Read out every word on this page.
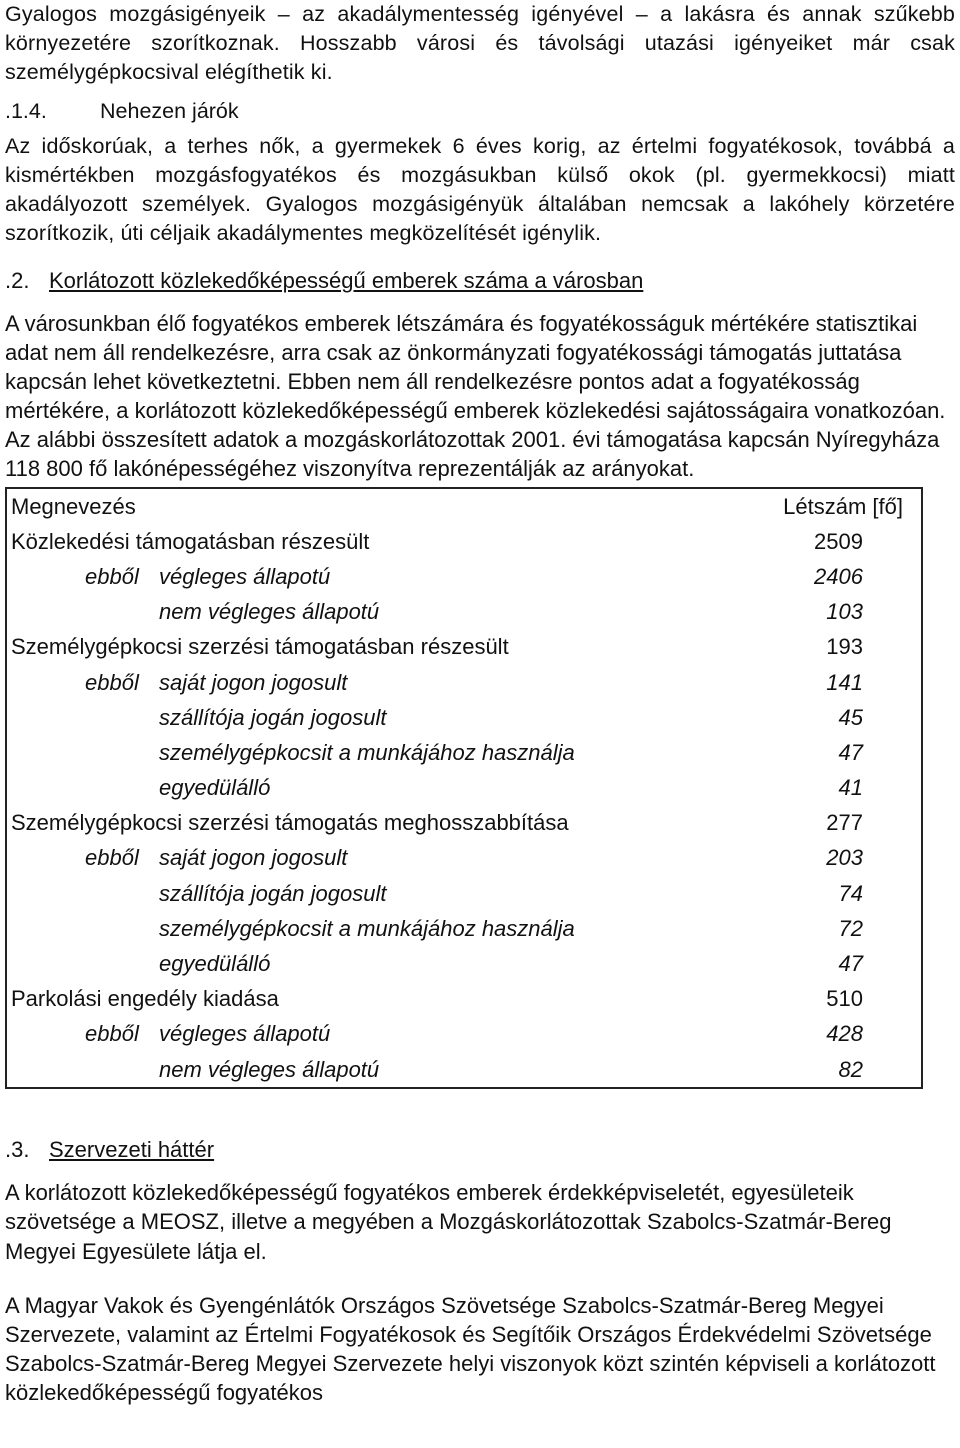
Gyalogos mozgásigényeik – az akadálymentesség igényével – a lakásra és annak szűkebb környezetére szorítkoznak. Hosszabb városi és távolsági utazási igényeiket már csak személygépkocsival elégíthetik ki.

.1.4. Nehezen járók

Az időskorúak, a terhes nők, a gyermekek 6 éves korig, az értelmi fogyatékosok, továbbá a kismértékben mozgásfogyatékos és mozgásukban külső okok (pl. gyermekkocsi) miatt akadályozott személyek. Gyalogos mozgásigényük általában nemcsak a lakóhely körzetére szorítkozik, úti céljaik akadálymentes megközelítését igénylik.

.2. Korlátozott közlekedőképességű emberek száma a városban

A városunkban élő fogyatékos emberek létszámára és fogyatékosságuk mértékére statisztikai adat nem áll rendelkezésre, arra csak az önkormányzati fogyatékossági támogatás juttatása kapcsán lehet következtetni. Ebben nem áll rendelkezésre pontos adat a fogyatékosság mértékére, a korlátozott közlekedőképességű emberek közlekedési sajátosságaira vonatkozóan. Az alábbi összesített adatok a mozgáskorlátozottak 2001. évi támogatása kapcsán Nyíregyháza 118 800 fő lakónépességéhez viszonyítva reprezentálják az arányokat.

Megnevezés	Létszám [fő]
Közlekedési támogatásban részesült	2509
ebből végleges állapotú	2406
nem végleges állapotú	103
Személygépkocsi szerzési támogatásban részesült	193
ebből saját jogon jogosult	141
szállítója jogán jogosult	45
személygépkocsit a munkájához használja	47
egyedülálló	41
Személygépkocsi szerzési támogatás meghosszabbítása	277
ebből saját jogon jogosult	203
szállítója jogán jogosult	74
személygépkocsit a munkájához használja	72
egyedülálló	47
Parkolási engedély kiadása	510
ebből végleges állapotú	428
nem végleges állapotú	82
.3. Szervezeti háttér

A korlátozott közlekedőképességű fogyatékos emberek érdekképviseletét, egyesületeik szövetsége a MEOSZ, illetve a megyében a Mozgáskorlátozottak Szabolcs-Szatmár-Bereg Megyei Egyesülete látja el.

A Magyar Vakok és Gyengénlátók Országos Szövetsége Szabolcs-Szatmár-Bereg Megyei Szervezete, valamint az Értelmi Fogyatékosok és Segítőik Országos Érdekvédelmi Szövetsége Szabolcs-Szatmár-Bereg Megyei Szervezete helyi viszonyok közt szintén képviseli a korlátozott közlekedőképességű fogyatékos
